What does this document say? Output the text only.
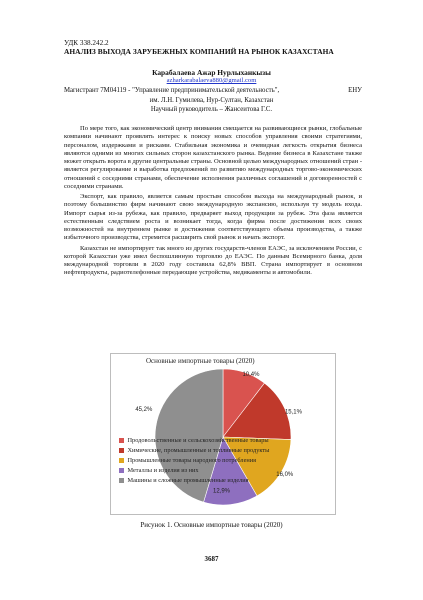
УДК 338.242.2
АНАЛИЗ ВЫХОДА ЗАРУБЕЖНЫХ КОМПАНИЙ НА РЫНОК КАЗАХСТАНА
Карабалаева Ажар Нурлыханкызы
azharkarabalaeva880@gmail.com
Магистрант 7M04119 - "Управление предпринимательской деятельность",	ЕНУ
им. Л.Н. Гумилева, Нур-Султан, Казахстан
Научный руководитель – Жансеитова Г.С.

По мере того, как экономический центр внимания смещается на развивающиеся рынки, глобальные компании начинают проявлять интерес к поиску новых способов управления своими стратегиями, персоналом, издержками и рисками. Стабильная экономика и очевидная легкость открытия бизнеса являются одними из многих сильных сторон казахстанского рынка. Ведение бизнеса в Казахстане также может открыть ворота в другие центральные страны. Основной целью международных отношений стран - является регулирование и выработка предложений по развитию международных торгово-экономических отношений с соседними странами, обеспечение исполнения различных соглашений и договоренностей с соседними странами.

Экспорт, как правило, является самым простым способом выхода на международный рынок, и поэтому большинство фирм начинают свою международную экспансию, используя ту модель входа. Импорт сырья из-за рубежа, как правило, предваряет выход продукции за рубеж. Эта фаза является естественным следствием роста и возникает тогда, когда фирма после достижения всех своих возможностей на внутреннем рынке и достижения соответствующего объема производства, а также избыточного производства, стремится расширить свой рынок и начать экспорт.

Казахстан не импортирует так много из других государств-членов ЕАЭС, за исключением России, с которой Казахстан уже имел беспошлинную торговлю до ЕАЭС. По данным Всемирного банка, доля международной торговли в 2020 году составила 62,8% ВВП. Страна импортирует в основном нефтепродукты, радиотелефонные передающие устройства, медикаменты и автомобили.

10,4%
15,1%
16,0%
12,9%
45,2%
Основные импортные товары (2020)
Продовольственные и сельскохозяйственные товары
Химические, промышленные и топливные продукты
Промышленные товары народного потребления
Металлы и изделия из них
Машины и сложные промышленные изделия
Рисунок 1. Основные импортные товары (2020)
3687
